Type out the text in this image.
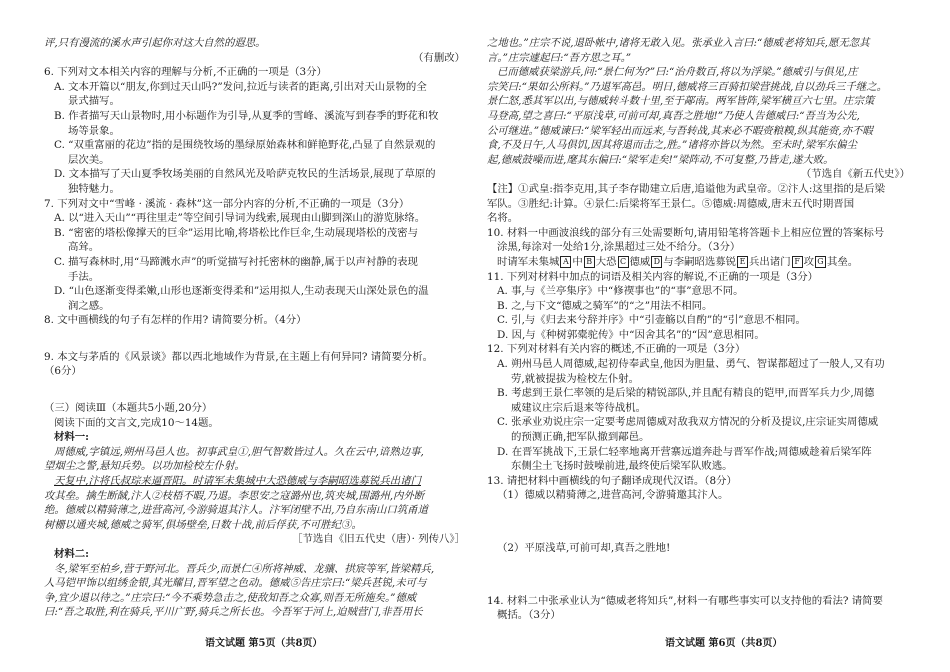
评,只有漫流的溪水声引起你对这大自然的遐思。

（有删改）

6. 下列对文本相关内容的理解与分析,不正确的一项是（3分）

A. 文本开篇以“朋友,你到过天山吗?”发问,拉近与读者的距离,引出对天山景物的全

景式描写。

B. 作者描写天山景物时,用小标题作为引导,从夏季的雪峰、溪流写到春季的野花和牧

场等景象。

C. “双重富丽的花边”指的是围绕牧场的墨绿原始森林和鲜艳野花,凸显了自然景观的

层次美。

D. 文本描写了天山夏季牧场美丽的自然风光及哈萨克牧民的生活场景,展现了草原的

独特魅力。

7. 下列对文中“雪峰 · 溪流 · 森林”这一部分内容的分析,不正确的一项是（3分）

A. 以“进入天山”“再往里走”等空间引导词为线索,展现由山脚到深山的游览脉络。

B. “密密的塔松像撑天的巨伞”运用比喻,将塔松比作巨伞,生动展现塔松的茂密与

高耸。

C. 描写森林时,用“马蹄溅水声”的听觉描写衬托密林的幽静,属于以声衬静的表现

手法。

D. “山色逐渐变得柔嫩,山形也逐渐变得柔和”运用拟人,生动表现天山深处景色的温

润之感。

8. 文中画横线的句子有怎样的作用? 请简要分析。（4分）

9. 本文与茅盾的《风景谈》都以西北地域作为背景,在主题上有何异同? 请简要分析。

（6分）

（三）阅读Ⅲ（本题共5小题,20分）

阅读下面的文言文,完成10～14题。

材料一:

周德威,字镇远,朔州马邑人也。初事武皇①,胆气智数皆过人。久在云中,谙熟边事,

望烟尘之警,悬知兵势。以功加检校左仆射。

天复中,汴将氏叔琮来逼晋阳。时请军未集城中大恐德威与李嗣昭选募锐兵出诸门

攻其垒。擒生断馘,汴人②枝梧不暇,乃退。李思安之寇潞州也,筑夹城,围潞州,内外断

绝。德威以精骑薄之,进营高河,今游骑退其汴人。汴军闭壁不出,乃自东南山口筑甬道

树栅以通夹城,德威之骑军,俱场壁垒,日数十战,前后俘获,不可胜纪③。

［节选自《旧五代史（唐）· 列传八》］

材料二:

冬,梁军至柏乡,营于野河北。晋兵少,而景仁④所将神威、龙骧、拱宸等军,皆梁精兵,

人马铠甲饰以组绣金银,其光耀目,晋军望之色动。德威⑤告庄宗曰:“梁兵甚锐,未可与

争,宜少退以待之。”庄宗曰:“今不乘势急击之,使敌知吾之众寡,则吾无所施矣。”德威

曰:“吾之取胜,利在骑兵,平川广野,骑兵之所长也。今吾军于河上,迫贼营门,非吾用长

语文试题 第5页（共8页）

之地也。”庄宗不说,退卧帐中,诸将无敢入见。张承业入言曰:“德威老将知兵,愿无忽其

言。”庄宗遽起曰:“吾方思之耳。”

已而德威获梁游兵,问:“景仁何为?”曰:“治舟数百,将以为浮梁。”德威引与俱见,庄

宗笑曰:“果如公所料。”乃退军高邑。明日,德威将三百骑扣梁营挑战,自以劲兵三千继之。

景仁怒,悉其军以出,与德威转斗数十里,至于鄗南。两军皆阵,梁军横亘六七里。庄宗策

马登高,望之喜曰:“平原浅草,可前可却,真吾之胜地!”乃使人告德威曰:“吾当为公先,

公可继进。”德威谏曰:“梁军轻出而远来,与吾转战,其来必不暇赍粮糗,纵其能赍,亦不暇

食,不及日午,人马俱饥,因其将退而击之,胜。”诸将亦皆以为然。至未时,梁军东偏尘

起,德威鼓噪而进,麾其东偏曰:“梁军走矣!”梁阵动,不可复整,乃皆走,遂大败。

（节选自《新五代史》）

【注】①武皇:指李克用,其子李存勖建立后唐,追谥他为武皇帝。②汴人:这里指的是后梁

军队。③胜纪:计算。④景仁:后梁将军王景仁。⑤德威:周德威,唐末五代时期晋国

名将。

10. 材料一中画波浪线的部分有三处需要断句,请用铅笔将答题卡上相应位置的答案标号

涂黑,每涂对一处给1分,涂黑超过三处不给分。（3分）

时请军未集城 A 中 B 大恐 C 德威 D 与李嗣昭选募锐 E 兵出诸门 F 攻 G 其垒。

11. 下列对材料中加点的词语及相关内容的解说,不正确的一项是（3分）

A. 事,与《兰亭集序》中“修禊事也”的“事”意思不同。

B. 之,与下文“德威之骑军”的“之”用法不相同。

C. 引,与《归去来兮辞并序》中“引壶觞以自酌”的“引”意思不相同。

D. 因,与《种树郭橐驼传》中“因舍其名”的“因”意思相同。

12. 下列对材料有关内容的概述,不正确的一项是（3分）

A. 朔州马邑人周德威,起初侍奉武皇,他因为胆量、勇气、智谋都超过了一般人,又有功

劳,就被提拔为检校左仆射。

B. 考虑到王景仁率领的是后梁的精锐部队,并且配有精良的铠甲,而晋军兵力少,周德

威建议庄宗后退来等待战机。

C. 张承业劝说庄宗一定要考虑周德威对敌我双方情况的分析及提议,庄宗证实周德威

的预测正确,把军队撤到鄗邑。

D. 在晋军挑战下,王景仁轻率地离开营寨远道奔赴与晋军作战;周德威趁着后梁军阵

东侧尘土飞扬时鼓噪前进,最终使后梁军队败逃。

13. 请把材料中画横线的句子翻译成现代汉语。（8分）

（1）德威以精骑薄之,进营高河,令游骑邀其汴人。

（2）平原浅草,可前可却,真吾之胜地!

14. 材料二中张承业认为“德威老将知兵”,材料一有哪些事实可以支持他的看法? 请简要

概括。（3分）

语文试题 第6页（共8页）
